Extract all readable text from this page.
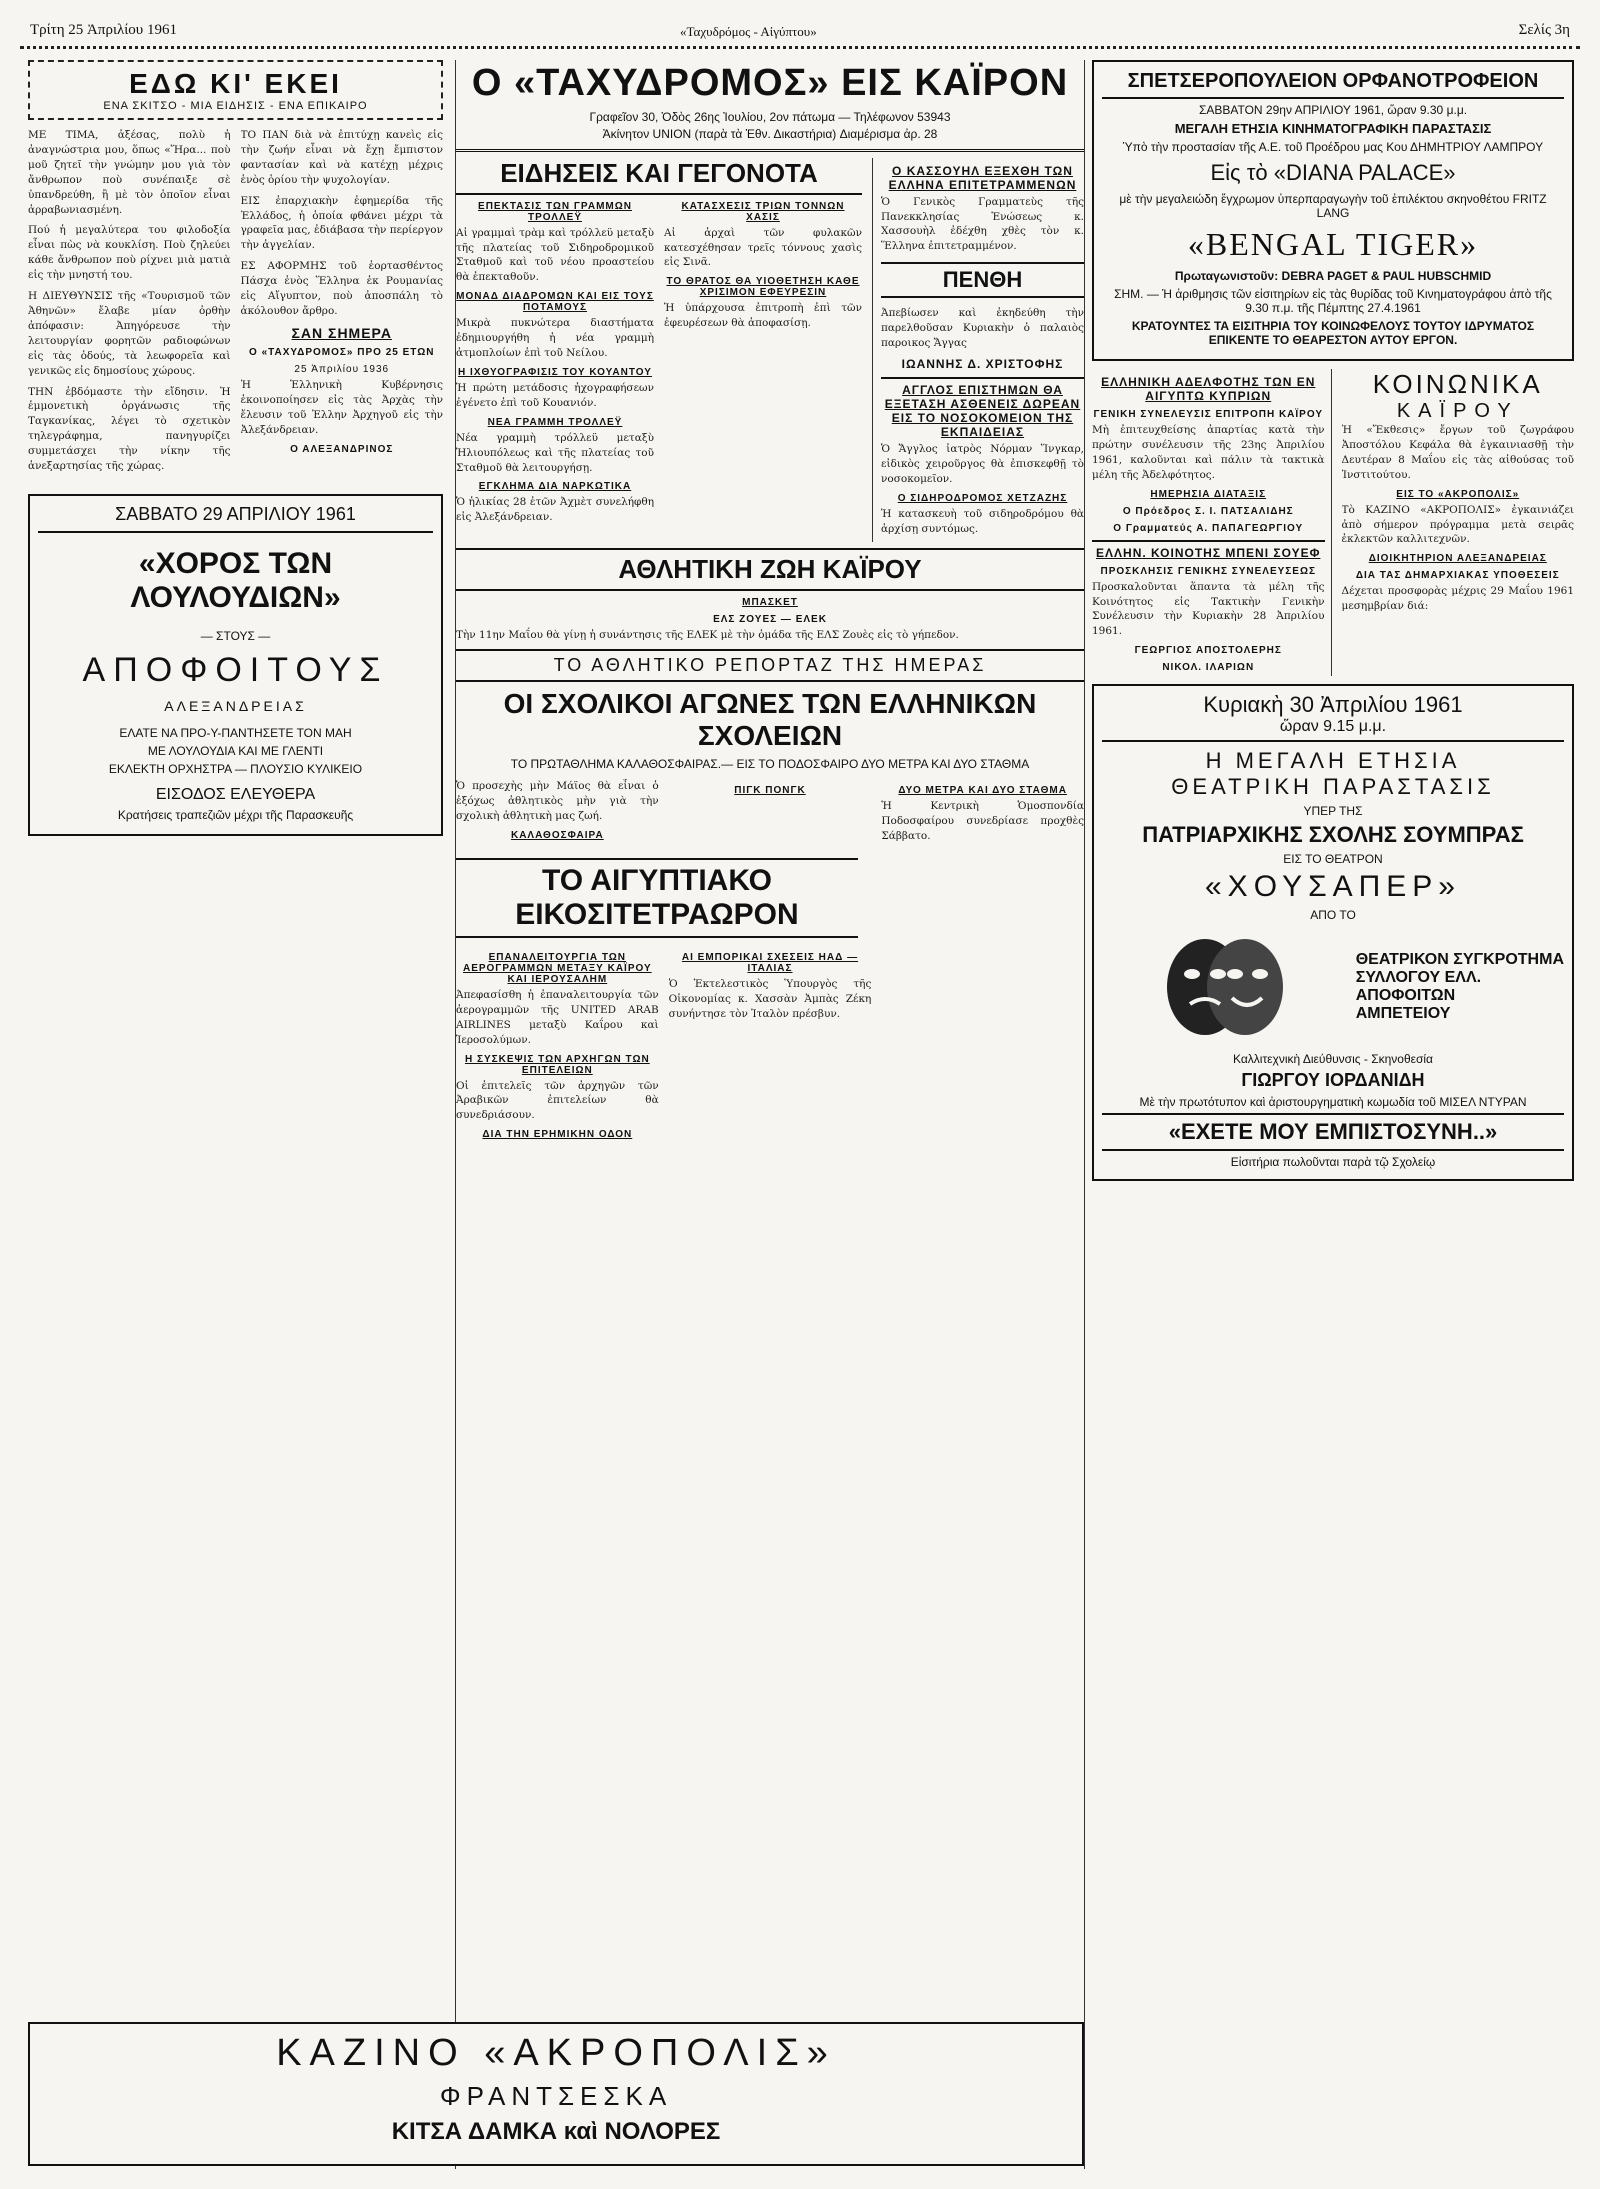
Τρίτη 25 Ἀπριλίου 1961	«Ταχυδρόμος - Αἰγύπτου»	Σελίς 3η
ΕΔΩ ΚΙ' ΕΚΕΙ
ΕΝΑ ΣΚΙΤΣΟ - ΜΙΑ ΕΙΔΗΣΙΣ - ΕΝΑ ΕΠΙΚΑΙΡΟ

ΜΕ ΤΙΜΑ, ἀξέσας, πολὺ ἡ ἀναγνώστρια μου, ὅπως «Ἥρα... ποὺ μοῦ ζητεῖ τὴν γνώμην μου γιὰ τὸν ἄνθρωπον ποὺ συνέπαιξε σὲ ὑπανδρεύθη, ἢ μὲ τὸν ὁποῖον εἶναι ἀρραβωνιασμένη.

Πού ἡ μεγαλύτερα του φιλοδοξία εἶναι πὼς νὰ κουκλίση. Ποὺ ζηλεύει κάθε ἄνθρωπον ποὺ ρίχνει μιὰ ματιὰ εἰς τὴν μνηστή του.

Η ΔΙΕΥΘΥΝΣΙΣ τῆς «Τουρισμοῦ τῶν Ἀθηνῶν» ἔλαβε μίαν ὀρθὴν ἀπόφασιν: Ἀπηγόρευσε τὴν λειτουργίαν φορητῶν ραδιοφώνων εἰς τὰς ὁδούς, τὰ λεωφορεῖα καὶ γενικῶς εἰς δημοσίους χώρους.

ΤΗΝ ἐβδόμαστε τὴν εἴδησιν. Ἡ ἐμμονετικὴ ὀργάνωσις τῆς Ταγκανίκας, λέγει τὸ σχετικὸν τηλεγράφημα, πανηγυρίζει συμμετάσχει τὴν νίκην τῆς ἀνεξαρτησίας τῆς χώρας.

ΤΟ ΠΑΝ διὰ νὰ ἐπιτύχῃ κανεὶς εἰς τὴν ζωήν εἶναι νὰ ἔχῃ ἔμπιστον φαντασίαν καὶ νὰ κατέχῃ μέχρις ἑνὸς ὁρίου τὴν ψυχολογίαν.

ΕΙΣ ἐπαρχιακὴν ἐφημερίδα τῆς Ἑλλάδος, ἡ ὁποία φθάνει μέχρι τὰ γραφεῖα μας, ἐδιάβασα τὴν περίεργον τὴν ἀγγελίαν.

ΕΣ ΑΦΟΡΜΗΣ τοῦ ἑορτασθέντος Πάσχα ἐνὸς Ἕλληνα ἐκ Ρουμανίας εἰς Αἴγυπτον, ποὺ ἀποσπάλη τὸ ἀκόλουθον ἄρθρο.

ΣΑΝ ΣΗΜΕΡΑ
Ο «ΤΑΧΥΔΡΟΜΟΣ» ΠΡΟ 25 ΕΤΩΝ
25 Ἀπριλίου 1936

Ἡ Ἑλληνικὴ Κυβέρνησις ἐκοινοποίησεν εἰς τὰς Ἀρχὰς τὴν ἔλευσιν τοῦ Ἐλλην Ἀρχηγοῦ εἰς τὴν Ἀλεξάνδρειαν.

Ο ΑΛΕΞΑΝΔΡΙΝΟΣ
ΣΑΒΒΑΤΟ 29 ΑΠΡΙΛΙΟΥ 1961
«ΧΟΡΟΣ ΤΩΝ ΛΟΥΛΟΥΔΙΩΝ»
— ΣΤΟΥΣ —
ΑΠΟΦΟΙΤΟΥΣ
ΑΛΕΞΑΝΔΡΕΙΑΣ
ΕΛΑΤΕ ΝΑ ΠΡΟ-Υ-ΠΑΝΤΗΣΕΤΕ ΤΟΝ ΜΑΗ
ΜΕ ΛΟΥΛΟΥΔΙΑ ΚΑΙ ΜΕ ΓΛΕΝΤΙ
ΕΚΛΕΚΤΗ ΟΡΧΗΣΤΡΑ — ΠΛΟΥΣΙΟ ΚΥΛΙΚΕΙΟ
ΕΙΣΟΔΟΣ ΕΛΕΥΘΕΡΑ
Κρατήσεις τραπεζιῶν μέχρι τῆς Παρασκευῆς
Ο «ΤΑΧΥΔΡΟΜΟΣ» ΕΙΣ ΚΑΪΡΟΝ
Γραφεῖον 30, Ὁδὸς 26ης Ἰουλίου, 2ον πάτωμα — Τηλέφωνον 53943
Ἀκίνητον UNION (παρὰ τὰ Ἐθν. Δικαστήρια) Διαμέρισμα ἀρ. 28
ΕΙΔΗΣΕΙΣ ΚΑΙ ΓΕΓΟΝΟΤΑ
ΕΠΕΚΤΑΣΙΣ ΤΩΝ ΓΡΑΜΜΩΝ ΤΡΟΛΛΕΫ

Αἱ γραμμαὶ τρὰμ καὶ τρόλλεϋ μεταξὺ τῆς πλατείας τοῦ Σιδηροδρομικοῦ Σταθμοῦ καὶ τοῦ νέου προαστείου θὰ ἐπεκταθοῦν.

ΜΟΝΑΔ ΔΙΑΔΡΟΜΩΝ ΚΑΙ ΕΙΣ ΤΟΥΣ ΠΟΤΑΜΟΥΣ

Μικρὰ πυκνώτερα διαστήματα ἐδημιουργήθη ἡ νέα γραμμὴ ἀτμοπλοίων ἐπὶ τοῦ Νείλου.

Η ΙΧΘΥΟΓΡΑΦΙΣΙΣ ΤΟΥ ΚΟΥΑΝΤΟΥ

Ἡ πρώτη μετάδοσις ἠχογραφήσεων ἐγένετο ἐπὶ τοῦ Κουανιόν.

ΝΕΑ ΓΡΑΜΜΗ ΤΡΟΛΛΕΫ

Νέα γραμμὴ τρόλλεϋ μεταξὺ Ἡλιουπόλεως καὶ τῆς πλατείας τοῦ Σταθμοῦ θὰ λειτουργήσῃ.

ΕΓΚΛΗΜΑ ΔΙΑ ΝΑΡΚΩΤΙΚΑ

Ὁ ἡλικίας 28 ἐτῶν Ἀχμὲτ συνελήφθη εἰς Ἀλεξάνδρειαν.

ΚΑΤΑΣΧΕΣΙΣ ΤΡΙΩΝ ΤΟΝΝΩΝ ΧΑΣΙΣ

Αἱ ἀρχαὶ τῶν φυλακῶν κατεσχέθησαν τρεῖς τόννους χασὶς εἰς Σινᾶ.

ΤΟ ΘΡΑΤΟΣ ΘΑ ΥΙΟΘΕΤΗΣΗ ΚΑΘΕ ΧΡΙΣΙΜΟΝ ΕΦΕΥΡΕΣΙΝ

Ἡ ὑπάρχουσα ἐπιτροπὴ ἐπὶ τῶν ἐφευρέσεων θὰ ἀποφασίσῃ.

Ο ΚΑΣΣΟΥΗΛ ΕΞΕΧΘΗ ΤΩΝ ΕΛΛΗΝΑ ΕΠΙΤΕΤΡΑΜΜΕΝΩΝ

Ὁ Γενικὸς Γραμματεὺς τῆς Πανεκκλησίας Ἑνώσεως κ. Χασσουὴλ ἐδέχθη χθὲς τὸν κ. Ἕλληνα ἐπιτετραμμένον.

ΠΕΝΘΗ

Ἀπεβίωσεν καὶ ἐκηδεύθη τὴν παρελθοῦσαν Κυριακὴν ὁ παλαιὸς παροικος Ἄγγας

ΙΩΑΝΝΗΣ Δ. ΧΡΙΣΤΟΦΗΣ
ΑΓΓΛΟΣ ΕΠΙΣΤΗΜΩΝ ΘΑ ΕΞΕΤΑΣΗ ΑΣΘΕΝΕΙΣ ΔΩΡΕΑΝ ΕΙΣ ΤΟ ΝΟΣΟΚΟΜΕΙΟΝ ΤΗΣ ΕΚΠΑΙΔΕΙΑΣ

Ὁ Ἄγγλος ἰατρὸς Νόρμαν Ἵνγκαρ, εἰδικὸς χειροῦργος θὰ ἐπισκεφθῇ τὸ νοσοκομεῖον.

Ο ΣΙΔΗΡΟΔΡΟΜΟΣ ΧΕΤΖΑΖΗΣ

Ἡ κατασκευὴ τοῦ σιδηροδρόμου θὰ ἀρχίσῃ συντόμως.

ΑΘΛΗΤΙΚΗ ΖΩΗ ΚΑΪΡΟΥ
ΜΠΑΣΚΕΤ
ΕΛΣ ΖΟΥΕΣ — ΕΛΕΚ

Τὴν 11ην Μαΐου θὰ γίνῃ ἡ συνάντησις τῆς ΕΛΕΚ μὲ τὴν ὁμάδα τῆς ΕΛΣ Ζουὲς εἰς τὸ γήπεδον.

ΤΟ ΑΘΛΗΤΙΚΟ ΡΕΠΟΡΤΑΖ ΤΗΣ ΗΜΕΡΑΣ
ΟΙ ΣΧΟΛΙΚΟΙ ΑΓΩΝΕΣ ΤΩΝ ΕΛΛΗΝΙΚΩΝ ΣΧΟΛΕΙΩΝ
ΤΟ ΠΡΩΤΑΘΛΗΜΑ ΚΑΛΑΘΟΣΦΑΙΡΑΣ.— ΕΙΣ ΤΟ ΠΟΔΟΣΦΑΙΡΟ ΔΥΟ ΜΕΤΡΑ ΚΑΙ ΔΥΟ ΣΤΑΘΜΑ

Ὁ προσεχὴς μὴν Μάϊος θὰ εἶναι ὁ ἐξόχως ἀθλητικὸς μὴν γιὰ τὴν σχολικὴ ἀθλητικὴ μας ζωή.

ΚΑΛΑΘΟΣΦΑΙΡΑ
ΠΙΓΚ ΠΟΝΓΚ	ΔΥΟ ΜΕΤΡΑ ΚΑΙ ΔΥΟ ΣΤΑΘΜΑ

Ἡ Κεντρικὴ Ὁμοσπονδία Ποδοσφαίρου συνεδρίασε προχθὲς Σάββατο.

ΤΟ ΑΙΓΥΠΤΙΑΚΟ ΕΙΚΟΣΙΤΕΤΡΑΩΡΟΝ
ΕΠΑΝΑΛΕΙΤΟΥΡΓΙΑ ΤΩΝ ΑΕΡΟΓΡΑΜΜΩΝ ΜΕΤΑΞΥ ΚΑΪΡΟΥ ΚΑΙ ΙΕΡΟΥΣΑΛΗΜ

Ἀπεφασίσθη ἡ ἐπαναλειτουργία τῶν ἀερογραμμῶν τῆς UNITED ARAB AIRLINES μεταξὺ Καΐρου καὶ Ἱεροσολύμων.

Η ΣΥΣΚΕΨΙΣ ΤΩΝ ΑΡΧΗΓΩΝ ΤΩΝ ΕΠΙΤΕΛΕΙΩΝ

Οἱ ἐπιτελεῖς τῶν ἀρχηγῶν τῶν Ἀραβικῶν ἐπιτελείων θὰ συνεδριάσουν.

ΔΙΑ ΤΗΝ ΕΡΗΜΙΚΗΝ ΟΔΟΝ
ΑΙ ΕΜΠΟΡΙΚΑΙ ΣΧΕΣΕΙΣ ΗΑΔ — ΙΤΑΛΙΑΣ

Ὁ Ἐκτελεστικὸς Ὑπουργὸς τῆς Οἰκονομίας κ. Χασσὰν Ἀμπὰς Ζέκη συνήντησε τὸν Ἰταλὸν πρέσβυν.

ΣΠΕΤΣΕΡΟΠΟΥΛΕΙΟΝ ΟΡΦΑΝΟΤΡΟΦΕΙΟΝ
ΣΑΒΒΑΤΟΝ 29ην ΑΠΡΙΛΙΟΥ 1961, ὥραν 9.30 μ.μ.
ΜΕΓΑΛΗ ΕΤΗΣΙΑ ΚΙΝΗΜΑΤΟΓΡΑΦΙΚΗ ΠΑΡΑΣΤΑΣΙΣ
Ὑπὸ τὴν προστασίαν τῆς Α.Ε. τοῦ Προέδρου μας Κου ΔΗΜΗΤΡΙΟΥ ΛΑΜΠΡΟΥ
Εἰς τὸ «DIANA PALACE»
μὲ τὴν μεγαλειώδη ἔγχρωμον ὑπερπαραγωγὴν τοῦ ἐπιλέκτου σκηνοθέτου FRITZ LANG
«BENGAL TIGER»
Πρωταγωνιστοῦν: DEBRA PAGET & PAUL HUBSCHMID
ΣΗΜ. — Ἡ ἀριθμησις τῶν εἰσιτηρίων εἰς τὰς θυρίδας τοῦ Κινηματογράφου ἀπὸ τῆς 9.30 π.μ. τῆς Πέμπτης 27.4.1961
ΚΡΑΤΟΥΝΤΕΣ ΤΑ ΕΙΣΙΤΗΡΙΑ ΤΟΥ ΚΟΙΝΩΦΕΛΟΥΣ ΤΟΥΤΟΥ ΙΔΡΥΜΑΤΟΣ ΕΠΙΚΕΝΤΕ ΤΟ ΘΕΑΡΕΣΤΟΝ ΑΥΤΟΥ ΕΡΓΟΝ.
ΕΛΛΗΝΙΚΗ ΑΔΕΛΦΟΤΗΣ ΤΩΝ ΕΝ ΑΙΓΥΠΤΩ ΚΥΠΡΙΩΝ
ΓΕΝΙΚΗ ΣΥΝΕΛΕΥΣΙΣ ΕΠΙΤΡΟΠΗ ΚΑΪΡΟΥ

Μὴ ἐπιτευχθείσης ἀπαρτίας κατὰ τὴν πρώτην συνέλευσιν τῆς 23ης Ἀπριλίου 1961, καλοῦνται καὶ πάλιν τὰ τακτικὰ μέλη τῆς Ἀδελφότητος.

ΗΜΕΡΗΣΙΑ ΔΙΑΤΑΞΙΣ
Ο Πρόεδρος Σ. Ι. ΠΑΤΣΑΛΙΔΗΣ
Ο Γραμματεύς Α. ΠΑΠΑΓΕΩΡΓΙΟΥ
ΕΛΛΗΝ. ΚΟΙΝΟΤΗΣ ΜΠΕΝΙ ΣΟΥΕΦ
ΠΡΟΣΚΛΗΣΙΣ ΓΕΝΙΚΗΣ ΣΥΝΕΛΕΥΣΕΩΣ

Προσκαλοῦνται ἅπαντα τὰ μέλη τῆς Κοινότητος εἰς Τακτικὴν Γενικὴν Συνέλευσιν τὴν Κυριακὴν 28 Ἀπριλίου 1961.

ΓΕΩΡΓΙΟΣ ΑΠΟΣΤΟΛΕΡΗΣ
ΝΙΚΟΛ. ΙΛΑΡΙΩΝ
ΚΟΙΝΩΝΙΚΑ
ΚΑΪΡΟΥ

Ἡ «Ἔκθεσις» ἔργων τοῦ ζωγράφου Ἀποστόλου Κεφάλα θὰ ἐγκαινιασθῇ τὴν Δευτέραν 8 Μαΐου εἰς τὰς αἰθούσας τοῦ Ἰνστιτούτου.

ΕΙΣ ΤΟ «ΑΚΡΟΠΟΛΙΣ»

Τὸ ΚΑΖΙΝΟ «ΑΚΡΟΠΟΛΙΣ» ἐγκαινιάζει ἀπὸ σήμερον πρόγραμμα μετὰ σειρᾶς ἐκλεκτῶν καλλιτεχνῶν.

ΔΙΟΙΚΗΤΗΡΙΟΝ ΑΛΕΞΑΝΔΡΕΙΑΣ
ΔΙΑ ΤΑΣ ΔΗΜΑΡΧΙΑΚΑΣ ΥΠΟΘΕΣΕΙΣ

Δέχεται προσφορὰς μέχρις 29 Μαΐου 1961 μεσημβρίαν διά:

Κυριακὴ 30 Ἀπριλίου 1961
ὥραν 9.15 μ.μ.
Η ΜΕΓΑΛΗ ΕΤΗΣΙΑ
ΘΕΑΤΡΙΚΗ ΠΑΡΑΣΤΑΣΙΣ
ΥΠΕΡ ΤΗΣ
ΠΑΤΡΙΑΡΧΙΚΗΣ ΣΧΟΛΗΣ ΣΟΥΜΠΡΑΣ
ΕΙΣ ΤΟ ΘΕΑΤΡΟΝ
«ΧΟΥΣΑΠΕΡ»
ΑΠΟ ΤΟ
ΘΕΑΤΡΙΚΟΝ ΣΥΓΚΡΟΤΗΜΑ
ΣΥΛΛΟΓΟΥ ΕΛΛ. ΑΠΟΦΟΙΤΩΝ ΑΜΠΕΤΕΙΟΥ
Καλλιτεχνικὴ Διεύθυνσις - Σκηνοθεσία
ΓΙΩΡΓΟΥ ΙΟΡΔΑΝΙΔΗ
Μὲ τὴν πρωτότυπον καὶ ἀριστουργηματικὴ κωμωδία τοῦ ΜΙΣΕΛ ΝΤΥΡΑΝ
«ΕΧΕΤΕ ΜΟΥ ΕΜΠΙΣΤΟΣΥΝΗ..»
Εἰσιτήρια πωλοῦνται παρὰ τῷ Σχολείῳ
ΚΑΖΙΝΟ «ΑΚΡΟΠΟΛΙΣ»
ΦΡΑΝΤΣΕΣΚΑ
ΚΙΤΣΑ ΔΑΜΚΑ καὶ ΝΟΛΟΡΕΣ
